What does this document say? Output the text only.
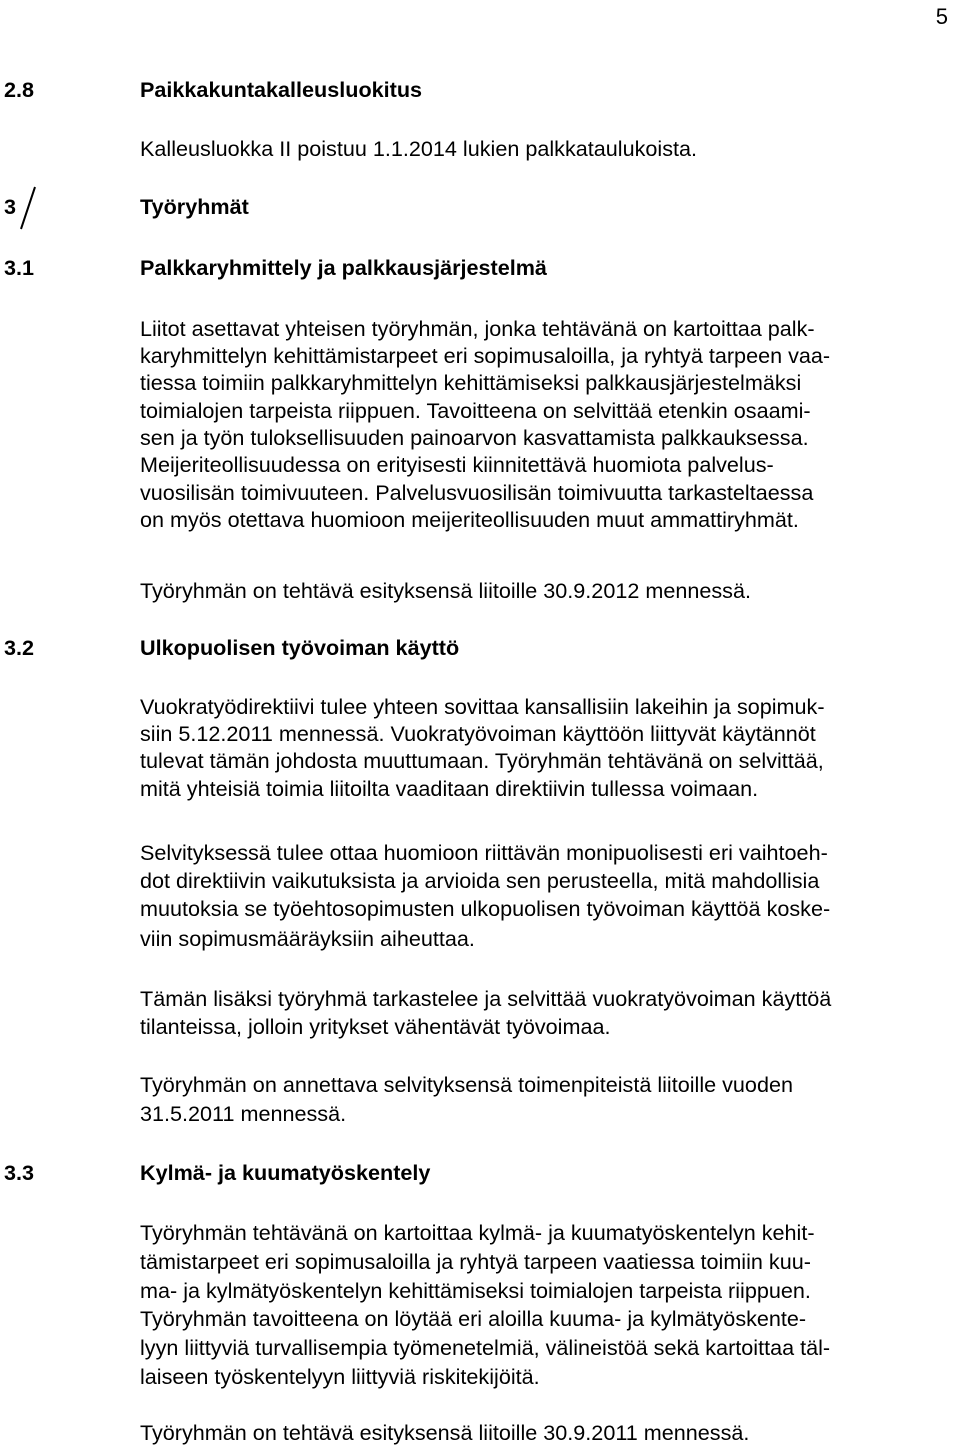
5
2.8	Paikkakuntakalleusluokitus
Kalleusluokka II poistuu 1.1.2014 lukien palkkataulukoista.
3	Työryhmät
3.1	Palkkaryhmittely ja palkkausjärjestelmä
Liitot asettavat yhteisen työryhmän, jonka tehtävänä on kartoittaa palk-
karyhmittelyn kehittämistarpeet eri sopimusaloilla, ja ryhtyä tarpeen vaa-
tiessa toimiin palkkaryhmittelyn kehittämiseksi palkkausjärjestelmäksi
toimialojen tarpeista riippuen. Tavoitteena on selvittää etenkin osaami-
sen ja työn tuloksellisuuden painoarvon kasvattamista palkkauksessa.
Meijeriteollisuudessa on erityisesti kiinnitettävä huomiota palvelus-
vuosilisän toimivuuteen. Palvelusvuosilisän toimivuutta tarkasteltaessa
on myös otettava huomioon meijeriteollisuuden muut ammattiryhmät.
Työryhmän on tehtävä esityksensä liitoille 30.9.2012 mennessä.
3.2	Ulkopuolisen työvoiman käyttö
Vuokratyödirektiivi tulee yhteen sovittaa kansallisiin lakeihin ja sopimuk-
siin 5.12.2011 mennessä. Vuokratyövoiman käyttöön liittyvät käytännöt
tulevat tämän johdosta muuttumaan. Työryhmän tehtävänä on selvittää,
mitä yhteisiä toimia liitoilta vaaditaan direktiivin tullessa voimaan.
Selvityksessä tulee ottaa huomioon riittävän monipuolisesti eri vaihtoeh-
dot direktiivin vaikutuksista ja arvioida sen perusteella, mitä mahdollisia
muutoksia se työehtosopimusten ulkopuolisen työvoiman käyttöä koske-
viin sopimusmääräyksiin aiheuttaa.
Tämän lisäksi työryhmä tarkastelee ja selvittää vuokratyövoiman käyttöä
tilanteissa, jolloin yritykset vähentävät työvoimaa.
Työryhmän on annettava selvityksensä toimenpiteistä liitoille vuoden
31.5.2011 mennessä.
3.3	Kylmä- ja kuumatyöskentely
Työryhmän tehtävänä on kartoittaa kylmä- ja kuumatyöskentelyn kehit-
tämistarpeet eri sopimusaloilla ja ryhtyä tarpeen vaatiessa toimiin kuu-
ma- ja kylmätyöskentelyn kehittämiseksi toimialojen tarpeista riippuen.
Työryhmän tavoitteena on löytää eri aloilla kuuma- ja kylmätyöskente-
lyyn liittyviä turvallisempia työmenetelmiä, välineistöä sekä kartoittaa täl-
laiseen työskentelyyn liittyviä riskitekijöitä.
Työryhmän on tehtävä esityksensä liitoille 30.9.2011 mennessä.
